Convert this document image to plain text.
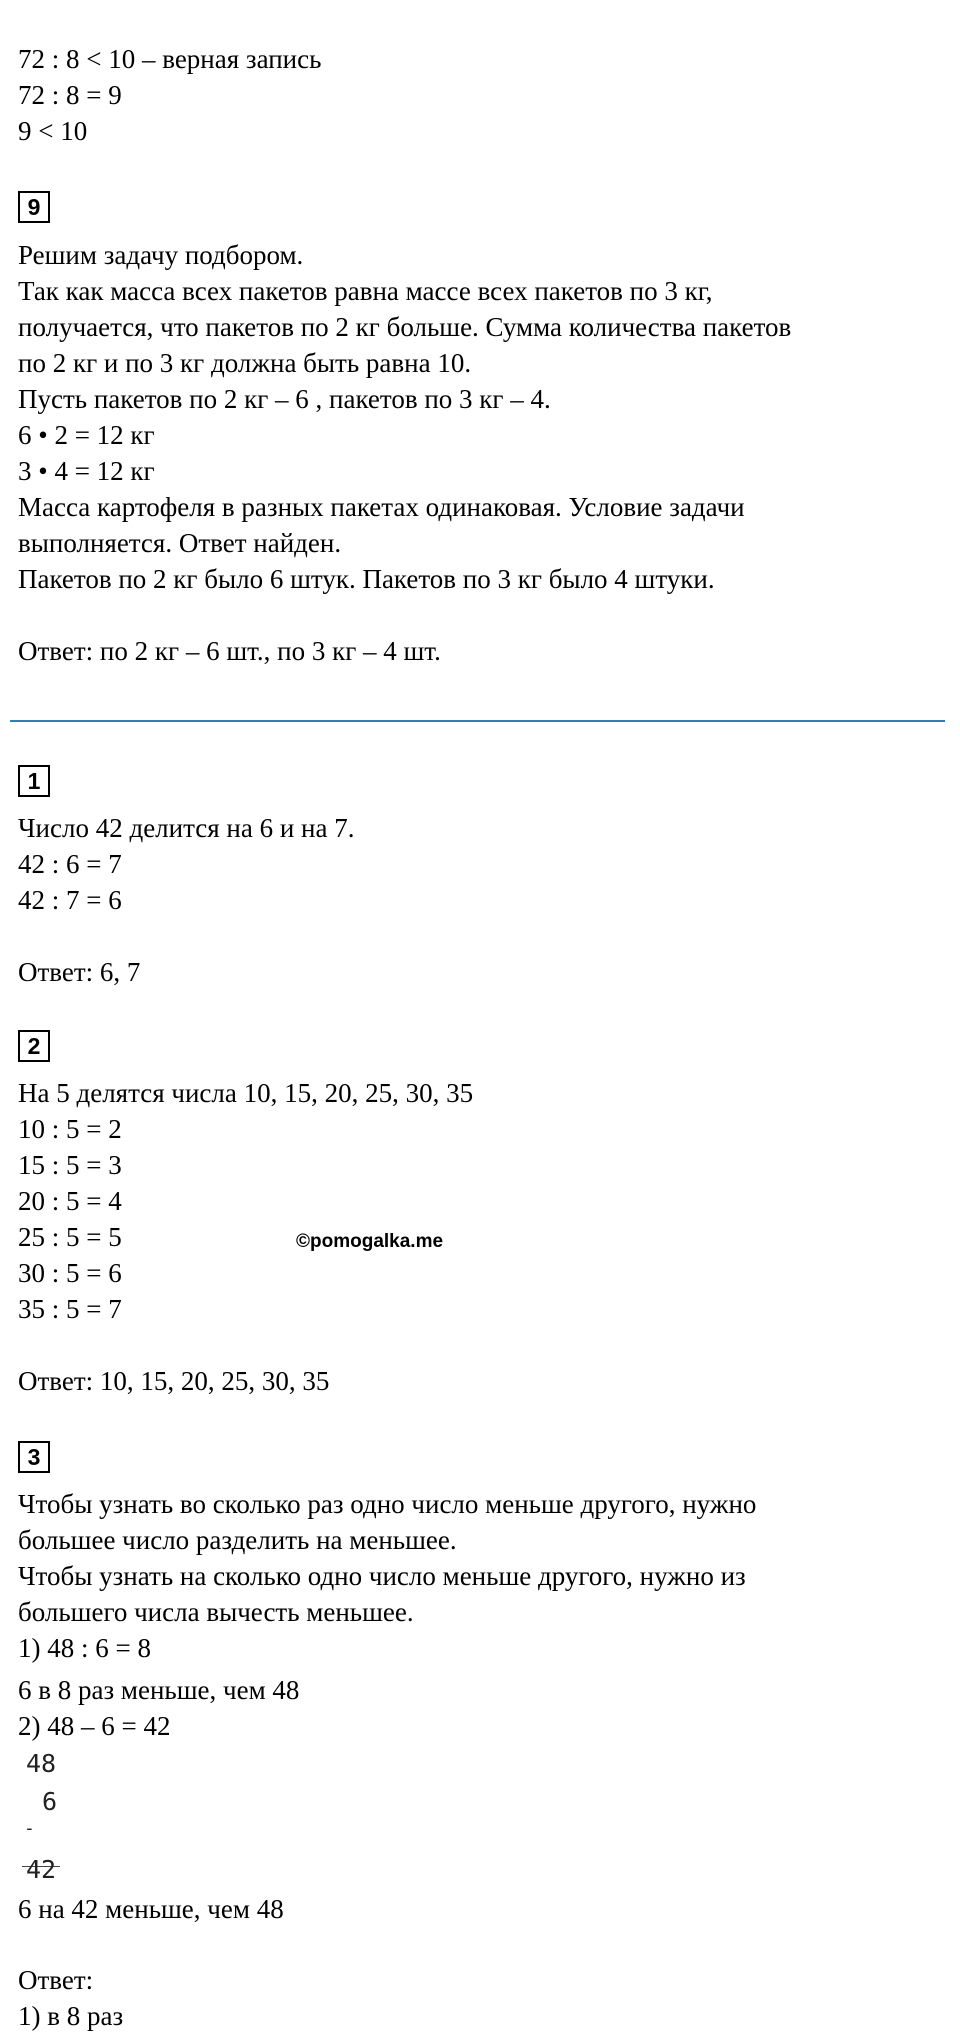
72 : 8 < 10 – верная запись
72 : 8 = 9
9 < 10
9
Решим задачу подбором.
Так как масса всех пакетов равна массе всех пакетов по 3 кг,
получается, что пакетов по 2 кг больше. Сумма количества пакетов
по 2 кг и по 3 кг должна быть равна 10.
Пусть пакетов по 2 кг – 6 , пакетов по 3 кг – 4.
6 • 2 = 12 кг
3 • 4 = 12 кг
Масса картофеля в разных пакетах одинаковая. Условие задачи
выполняется. Ответ найден.
Пакетов по 2 кг было 6 штук. Пакетов по 3 кг было 4 штуки.
Ответ: по 2 кг – 6 шт., по 3 кг – 4 шт.
1
Число 42 делится на 6 и на 7.
42 : 6 = 7
42 : 7 = 6
Ответ: 6, 7
2
На 5 делятся числа 10, 15, 20, 25, 30, 35
10 : 5 = 2
15 : 5 = 3
20 : 5 = 4
25 : 5 = 5
30 : 5 = 6
35 : 5 = 7
Ответ: 10, 15, 20, 25, 30, 35
©pomogalka.me
3
Чтобы узнать во сколько раз одно число меньше другого, нужно
большее число разделить на меньшее.
Чтобы узнать на сколько одно число меньше другого, нужно из
большего числа вычесть меньшее.
1) 48 : 6 = 8
6 в 8 раз меньше, чем 48
2) 48 – 6 = 42
48
-
6
42
6 на 42 меньше, чем 48
Ответ:
1) в 8 раз
